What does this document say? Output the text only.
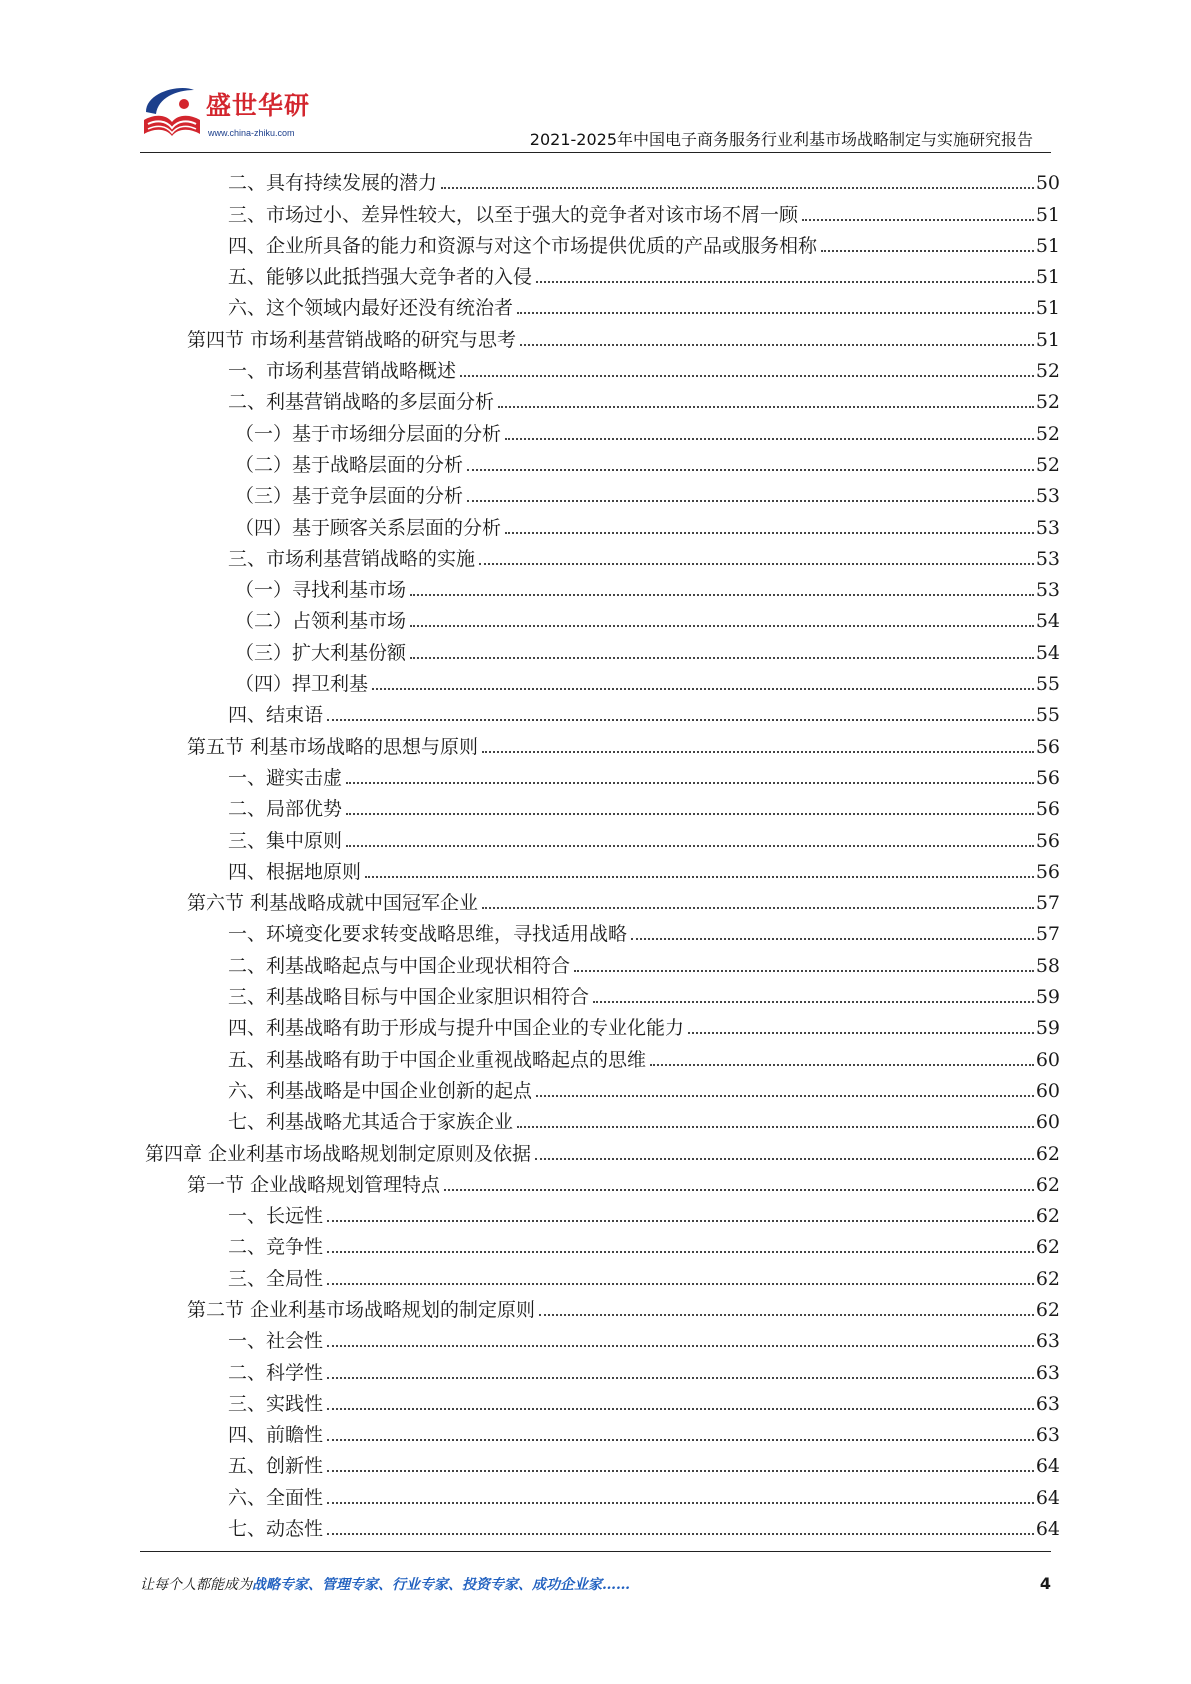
盛世华研
www.china-zhiku.com	2021-2025年中国电子商务服务行业利基市场战略制定与实施研究报告
二、具有持续发展的潜力	50
三、市场过小、差异性较大，以至于强大的竞争者对该市场不屑一顾	51
四、企业所具备的能力和资源与对这个市场提供优质的产品或服务相称	51
五、能够以此抵挡强大竞争者的入侵	51
六、这个领域内最好还没有统治者	51
第四节 市场利基营销战略的研究与思考	51
一、市场利基营销战略概述	52
二、利基营销战略的多层面分析	52
（一）基于市场细分层面的分析	52
（二）基于战略层面的分析	52
（三）基于竞争层面的分析	53
（四）基于顾客关系层面的分析	53
三、市场利基营销战略的实施	53
（一）寻找利基市场	53
（二）占领利基市场	54
（三）扩大利基份额	54
（四）捍卫利基	55
四、结束语	55
第五节 利基市场战略的思想与原则	56
一、避实击虚	56
二、局部优势	56
三、集中原则	56
四、根据地原则	56
第六节 利基战略成就中国冠军企业	57
一、环境变化要求转变战略思维，寻找适用战略	57
二、利基战略起点与中国企业现状相符合	58
三、利基战略目标与中国企业家胆识相符合	59
四、利基战略有助于形成与提升中国企业的专业化能力	59
五、利基战略有助于中国企业重视战略起点的思维	60
六、利基战略是中国企业创新的起点	60
七、利基战略尤其适合于家族企业	60
第四章 企业利基市场战略规划制定原则及依据	62
第一节 企业战略规划管理特点	62
一、长远性	62
二、竞争性	62
三、全局性	62
第二节 企业利基市场战略规划的制定原则	62
一、社会性	63
二、科学性	63
三、实践性	63
四、前瞻性	63
五、创新性	64
六、全面性	64
七、动态性	64
让每个人都能成为战略专家、管理专家、行业专家、投资专家、成功企业家……	4
